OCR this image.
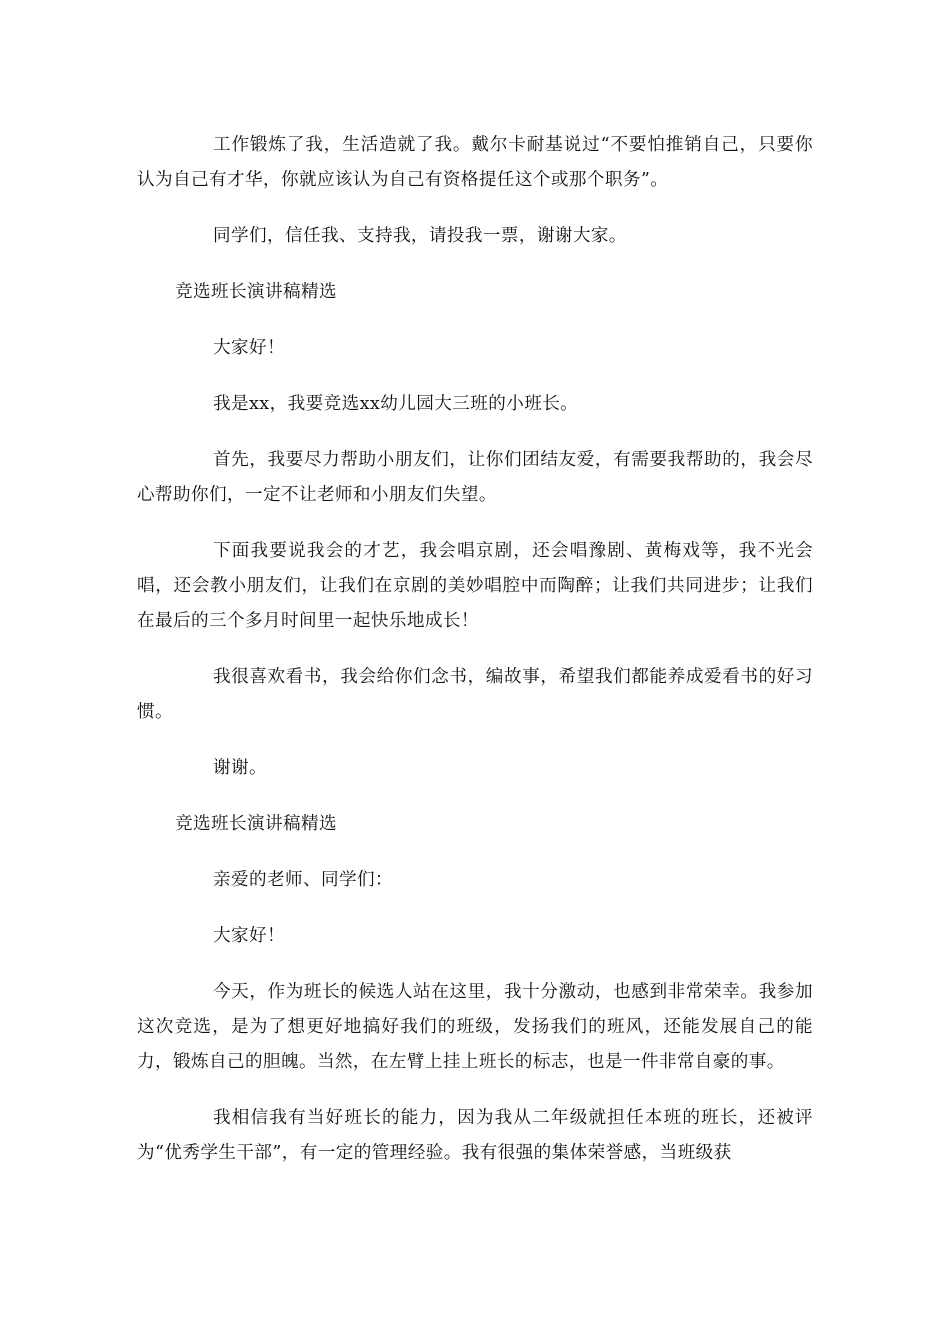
工作锻炼了我，生活造就了我。戴尔卡耐基说过“不要怕推销自己，只要你认为自己有才华，你就应该认为自己有资格提任这个或那个职务”。

同学们，信任我、支持我，请投我一票，谢谢大家。

竞选班长演讲稿精选

大家好！

我是xx，我要竞选xx幼儿园大三班的小班长。

首先，我要尽力帮助小朋友们，让你们团结友爱，有需要我帮助的，我会尽心帮助你们，一定不让老师和小朋友们失望。

下面我要说我会的才艺，我会唱京剧，还会唱豫剧、黄梅戏等，我不光会唱，还会教小朋友们，让我们在京剧的美妙唱腔中而陶醉；让我们共同进步；让我们在最后的三个多月时间里一起快乐地成长！

我很喜欢看书，我会给你们念书，编故事，希望我们都能养成爱看书的好习惯。

谢谢。

竞选班长演讲稿精选

亲爱的老师、同学们：

大家好！

今天，作为班长的候选人站在这里，我十分激动，也感到非常荣幸。我参加这次竞选，是为了想更好地搞好我们的班级，发扬我们的班风，还能发展自己的能力，锻炼自己的胆魄。当然，在左臂上挂上班长的标志，也是一件非常自豪的事。

我相信我有当好班长的能力，因为我从二年级就担任本班的班长，还被评为“优秀学生干部”，有一定的管理经验。我有很强的集体荣誉感，当班级获
